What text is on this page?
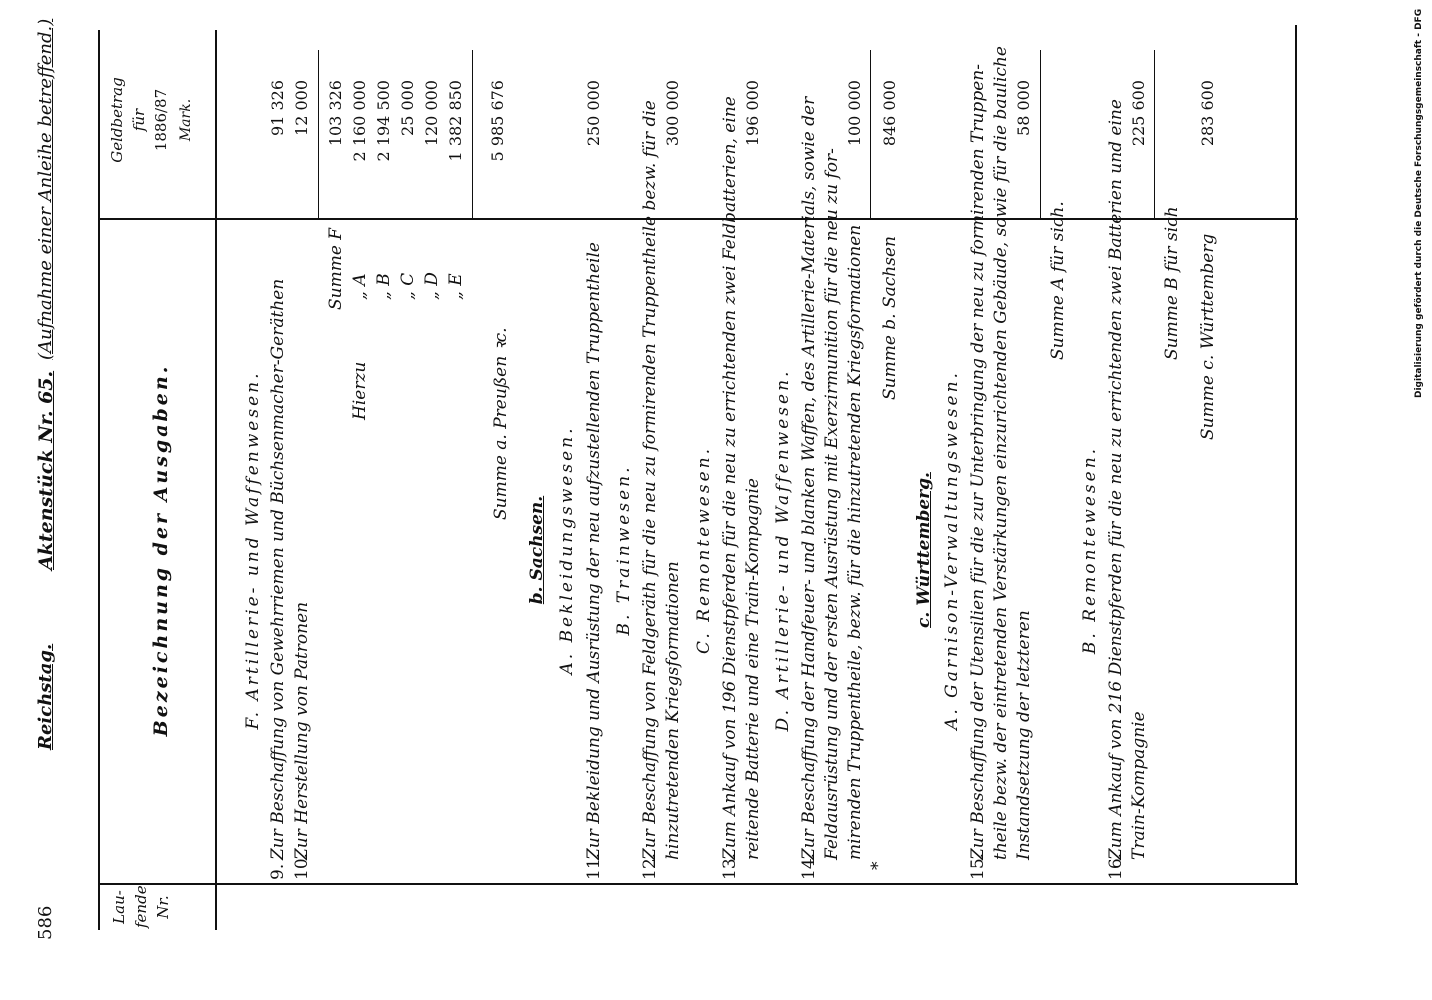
Digitalisierung gefördert durch die Deutsche Forschungsgemeinschaft - DFG
586
Reichstag.
Aktenstück Nr. 65.
(Aufnahme einer Anleihe betreffend.)
Lau- fende Nr.
Bezeichnung der Ausgaben.
Geldbetrag für 1886/87 Mark.
F. Artillerie- und Waffenwesen.
9.
Zur Beschaffung von Gewehrriemen und Büchsenmacher-Geräthen
91 326
10.
Zur Herstellung von Patronen
12 000
Summe F
103 326
Hierzu
„ A
2 160 000
„ B
2 194 500
„ C
25 000
„ D
120 000
„ E
1 382 850
Summe a. Preußen ꝛc.
5 985 676
b. Sachsen. A. Bekleidungswesen.
11.
Zur Bekleidung und Ausrüstung der neu aufzustellenden Truppentheile
250 000
B. Trainwesen.
12.
Zur Beschaffung von Feldgeräth für die neu zu formirenden Truppentheile bezw. für die hinzutretenden Kriegsformationen
300 000
C. Remontewesen.
13.
Zum Ankauf von 196 Dienstpferden für die neu zu errichtenden zwei Feldbatterien, eine reitende Batterie und eine Train-Kompagnie
196 000
D. Artillerie- und Waffenwesen.
14.
Zur Beschaffung der Handfeuer- und blanken Waffen, des Artillerie-Materials, sowie der Feldausrüstung und der ersten Ausrüstung mit Exerzirmunition für die neu zu for- mirenden Truppentheile, bezw. für die hinzutretenden Kriegsformationen
100 000
*
Summe b. Sachsen
846 000
c. Württemberg. A. Garnison-Verwaltungswesen.
15.
Zur Beschaffung der Utensilien für die zur Unterbringung der neu zu formirenden Truppen- theile bezw. der eintretenden Verstärkungen einzurichtenden Gebäude, sowie für die bauliche Instandsetzung der letzteren
58 000
Summe A für sich.
B. Remontewesen.
16.
Zum Ankauf von 216 Dienstpferden für die neu zu errichtenden zwei Batterien und eine Train-Kompagnie
225 600
Summe B für sich Summe c. Württemberg
283 600
